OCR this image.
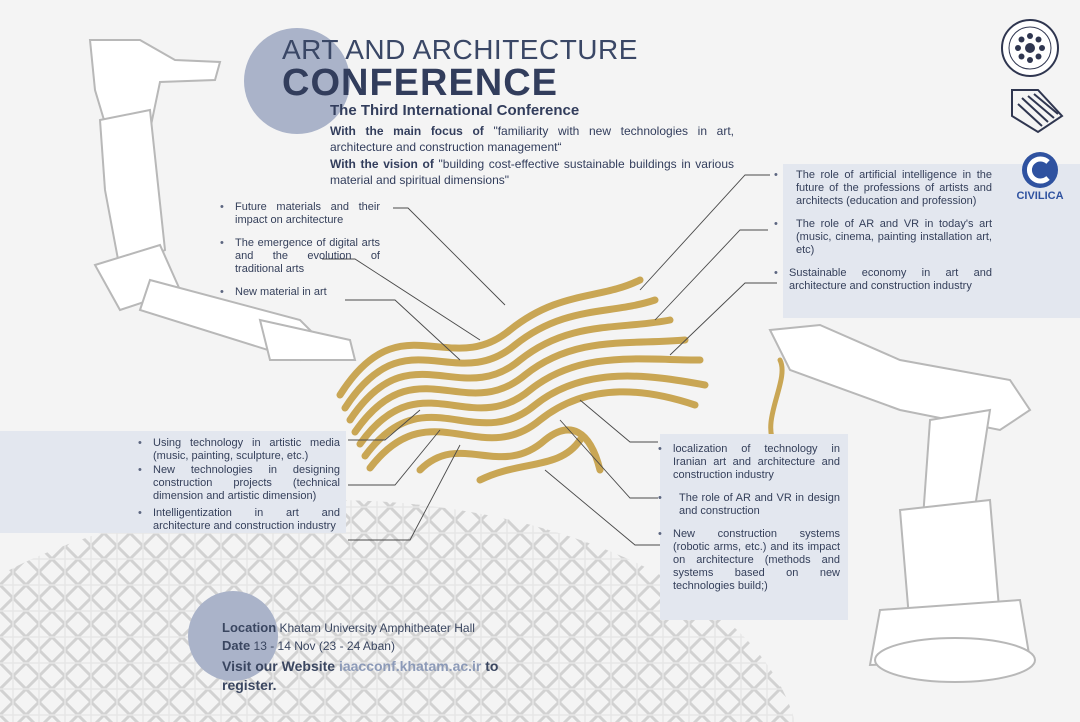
ART AND ARCHITECTURE
CONFERENCE
The Third International Conference
With the main focus of "familiarity with new technologies in art, architecture and construction management“
With the vision of "building cost-effective sustainable buildings in various material and spiritual dimensions"
CIVILICA
• Future materials and their impact on architecture
• The emergence of digital arts and the evolution of traditional arts
• New material in art
• The role of artificial intelligence in the future of the professions of artists and architects (education and profession)
• The role of AR and VR in today's art (music, cinema, painting installation art, etc)
• Sustainable economy in art and architecture and construction industry
• Using technology in artistic media (music, painting, sculpture, etc.)
• New technologies in designing construction projects (technical dimension and artistic dimension)
• Intelligentization in art and architecture and construction industry
• localization of technology in Iranian art and architecture and construction industry
• The role of AR and VR in design and construction
• New construction systems (robotic arms, etc.) and its impact on architecture (methods and systems based on new technologies build;)
Location Khatam University Amphitheater Hall
Date 13 - 14 Nov (23 - 24 Aban)
Visit our Website iaacconf.khatam.ac.ir to register.
